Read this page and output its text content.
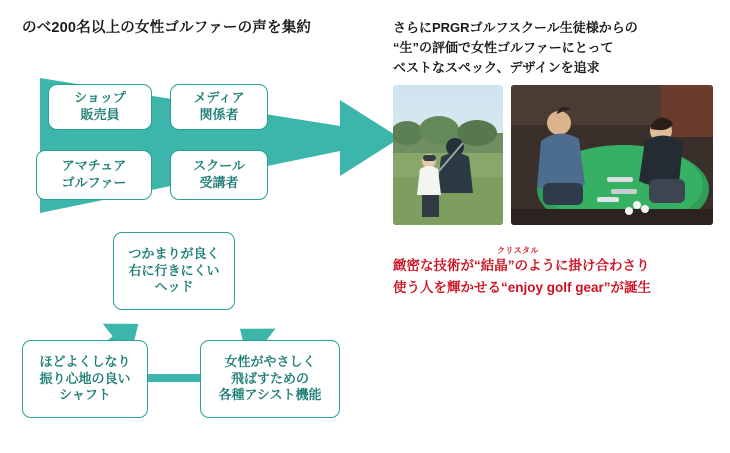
のべ200名以上の女性ゴルファーの声を集約
ショップ
販売員
メディア
関係者
アマチュア
ゴルファー
スクール
受講者
つかまりが良く
右に行きにくい
ヘッド
ほどよくしなり
振り心地の良い
シャフト
女性がやさしく
飛ばすための
各種アシスト機能
さらにPRGRゴルフスクール生徒様からの
“生”の評価で女性ゴルファーにとって
ベストなスペック、デザインを追求
クリスタル
緻密な技術が“結晶”のように掛け合わさり
使う人を輝かせる“enjoy golf gear”が誕生
